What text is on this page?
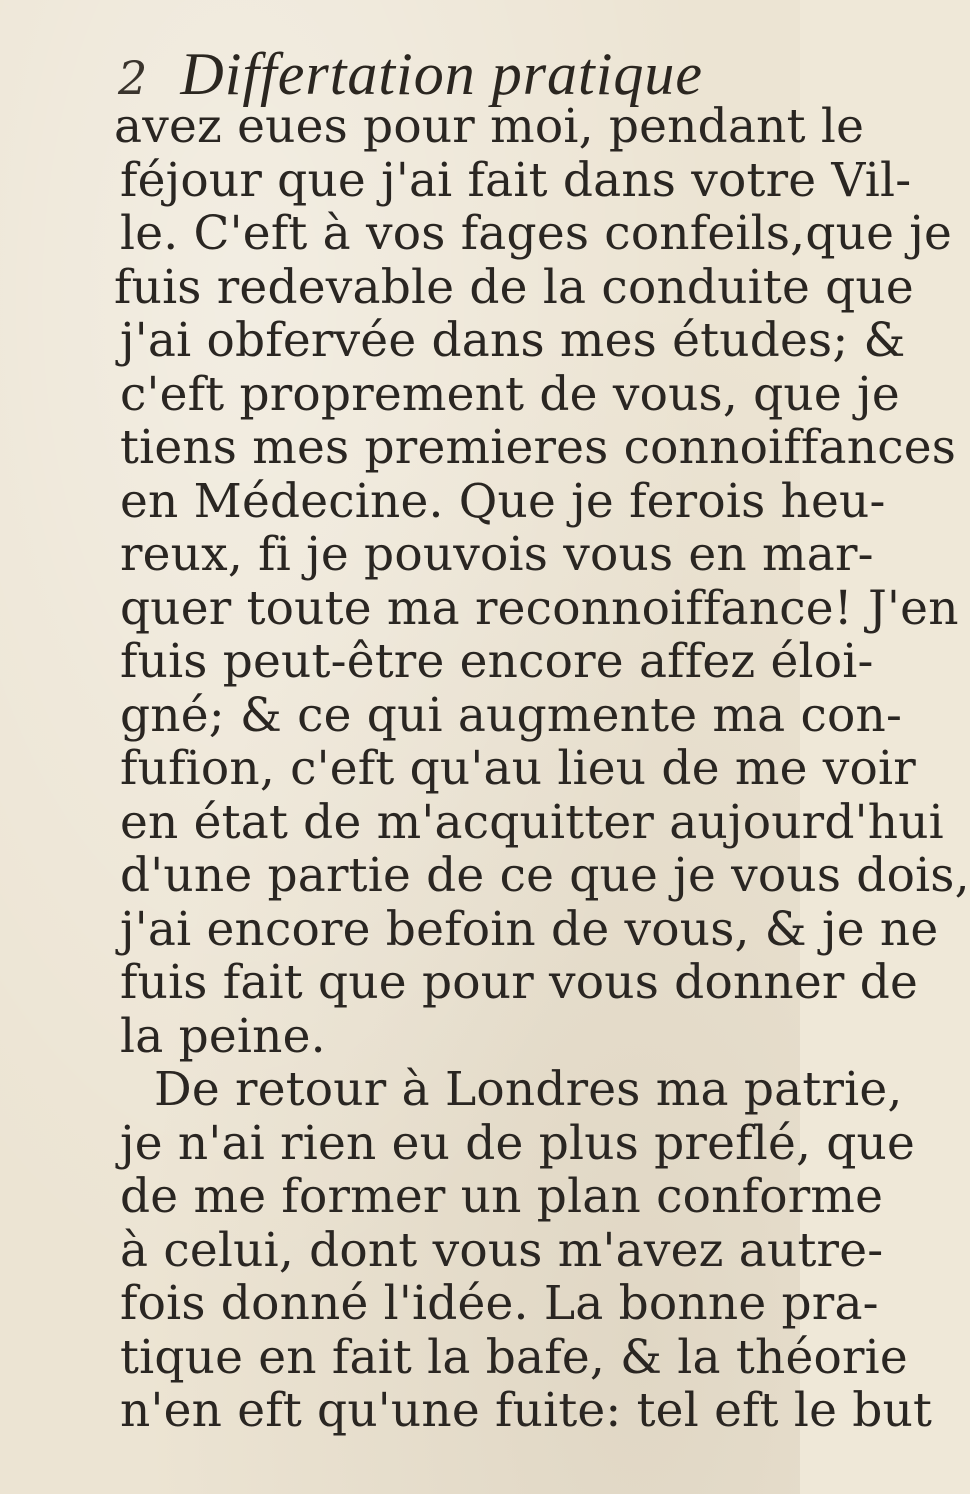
2 Differtation pratique
avez eues pour moi, pendant le
féjour que j'ai fait dans votre Vil-
le. C'eft à vos fages confeils,que je
fuis redevable de la conduite que
j'ai obfervée dans mes études; &
c'eft proprement de vous, que je
tiens mes premieres connoiffances
en Médecine. Que je ferois heu-
reux, fi je pouvois vous en mar-
quer toute ma reconnoiffance! J'en
fuis peut-être encore affez éloi-
gné; & ce qui augmente ma con-
fufion, c'eft qu'au lieu de me voir
en état de m'acquitter aujourd'hui
d'une partie de ce que je vous dois,
j'ai encore befoin de vous, & je ne
fuis fait que pour vous donner de
la peine.
De retour à Londres ma patrie,
je n'ai rien eu de plus preflé, que
de me former un plan conforme
à celui, dont vous m'avez autre-
fois donné l'idée. La bonne pra-
tique en fait la bafe, & la théorie
n'en eft qu'une fuite: tel eft le but
